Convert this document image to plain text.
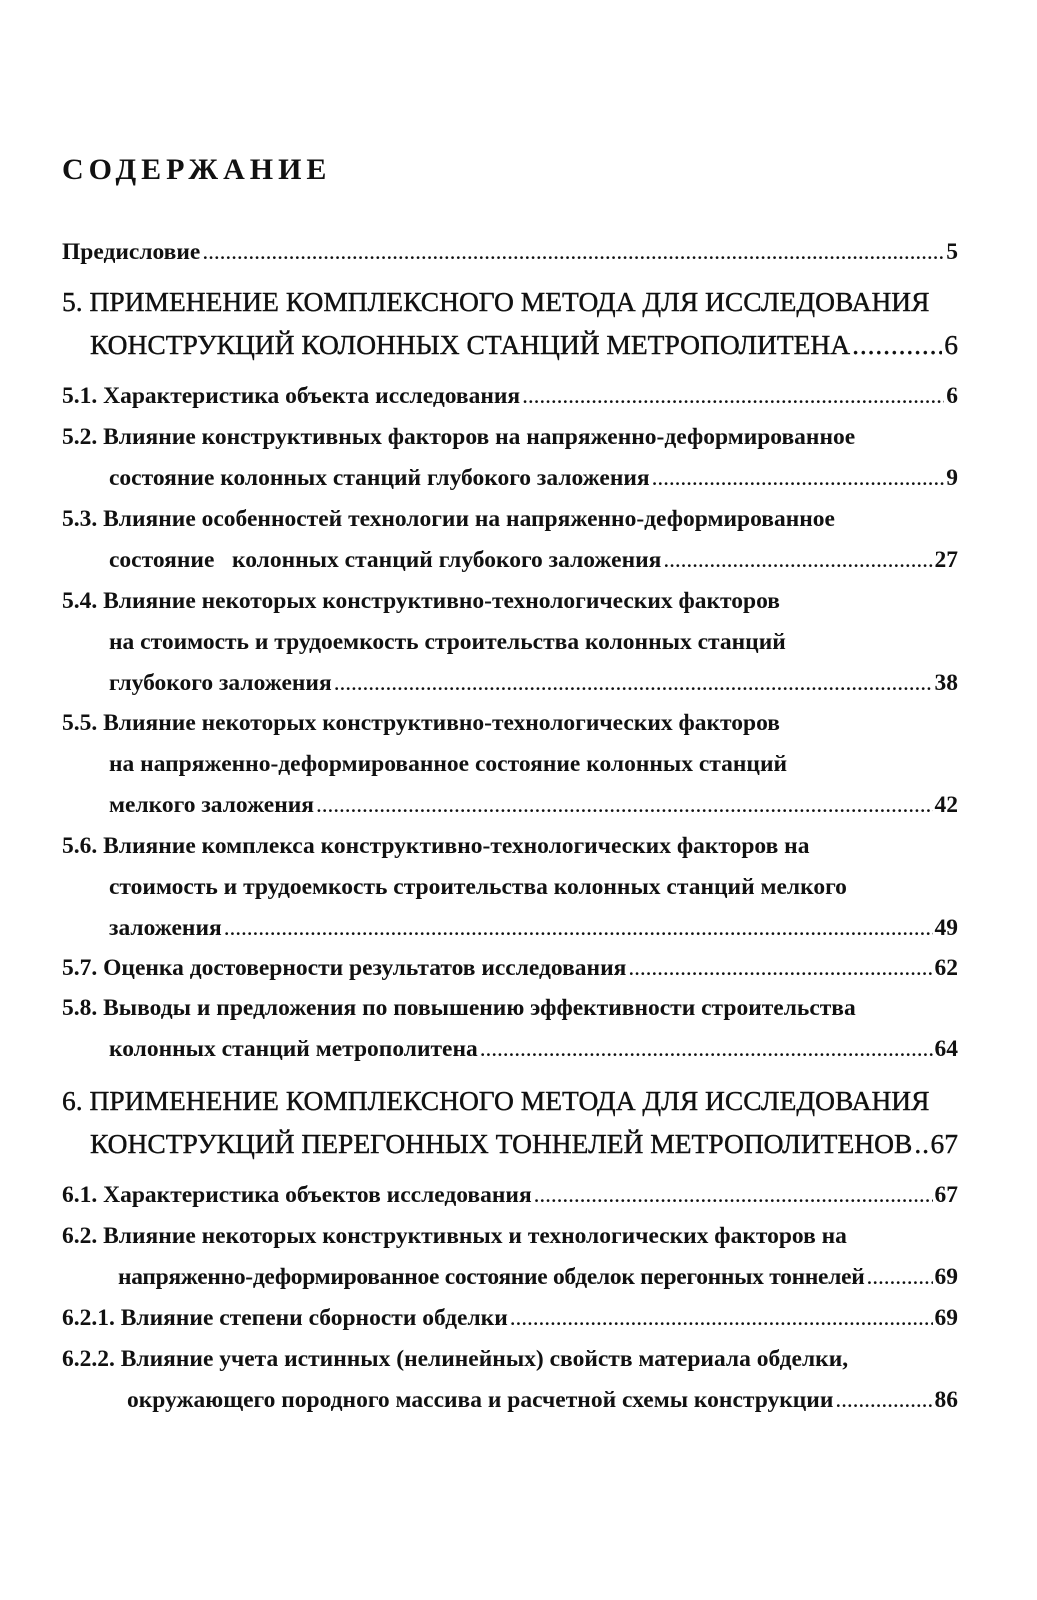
СОДЕРЖАНИЕ
Предисловие . . .	5
5. ПРИМЕНЕНИЕ КОМПЛЕКСНОГО МЕТОДА ДЛЯ ИССЛЕДОВАНИЯ
КОНСТРУКЦИЙ КОЛОННЫХ СТАНЦИЙ МЕТРОПОЛИТЕНА . . .	6
5.1.
Характеристика объекта исследования . . .	6
5.2.
Влияние конструктивных факторов на напряженно-деформированное
состояние колонных станций глубокого заложения . . .	9
5.3.
Влияние особенностей технологии на напряженно-деформированное
состояние   колонных станций глубокого заложения . . .	27
5.4.
Влияние некоторых конструктивно-технологических факторов
на стоимость и трудоемкость строительства колонных станций
глубокого заложения . . .	38
5.5.
Влияние некоторых конструктивно-технологических факторов
на напряженно-деформированное состояние колонных станций
мелкого заложения . . .	42
5.6.
Влияние комплекса конструктивно-технологических факторов на
стоимость и трудоемкость строительства колонных станций мелкого
заложения . . .	49
5.7.
Оценка достоверности результатов исследования . . .	62
5.8.
Выводы и предложения по повышению эффективности строительства
колонных станций метрополитена . . .	64
6. ПРИМЕНЕНИЕ КОМПЛЕКСНОГО МЕТОДА ДЛЯ ИССЛЕДОВАНИЯ
КОНСТРУКЦИЙ ПЕРЕГОННЫХ ТОННЕЛЕЙ МЕТРОПОЛИТЕНОВ . . . 67
6.1.
Характеристика объектов исследования . . .	67
6.2.
Влияние некоторых конструктивных и технологических факторов на
напряженно-деформированное состояние обделок перегонных тоннелей . . .	69
6.2.1.
Влияние степени сборности обделки . . .	69
6.2.2.
Влияние учета истинных (нелинейных) свойств материала обделки,
окружающего породного массива и расчетной схемы конструкции . . .	86
